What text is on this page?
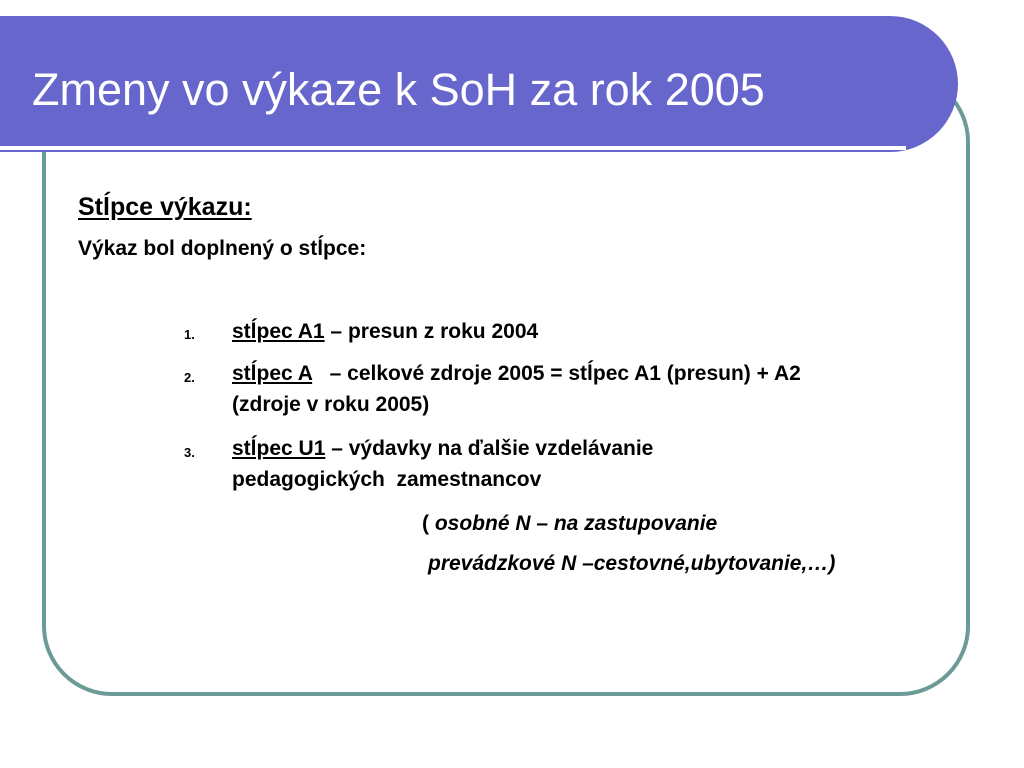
Zmeny vo výkaze k SoH za rok 2005
Stĺpce výkazu:
Výkaz bol doplnený o stĺpce:
1. stĺpec A1 – presun z roku 2004
2. stĺpec A   – celkové zdroje 2005 = stĺpec A1 (presun) + A2
(zdroje v roku 2005)
3. stĺpec U1 – výdavky na ďalšie vzdelávanie
pedagogických  zamestnancov
( osobné N – na zastupovanie
prevádzkové N –cestovné,ubytovanie,…)
